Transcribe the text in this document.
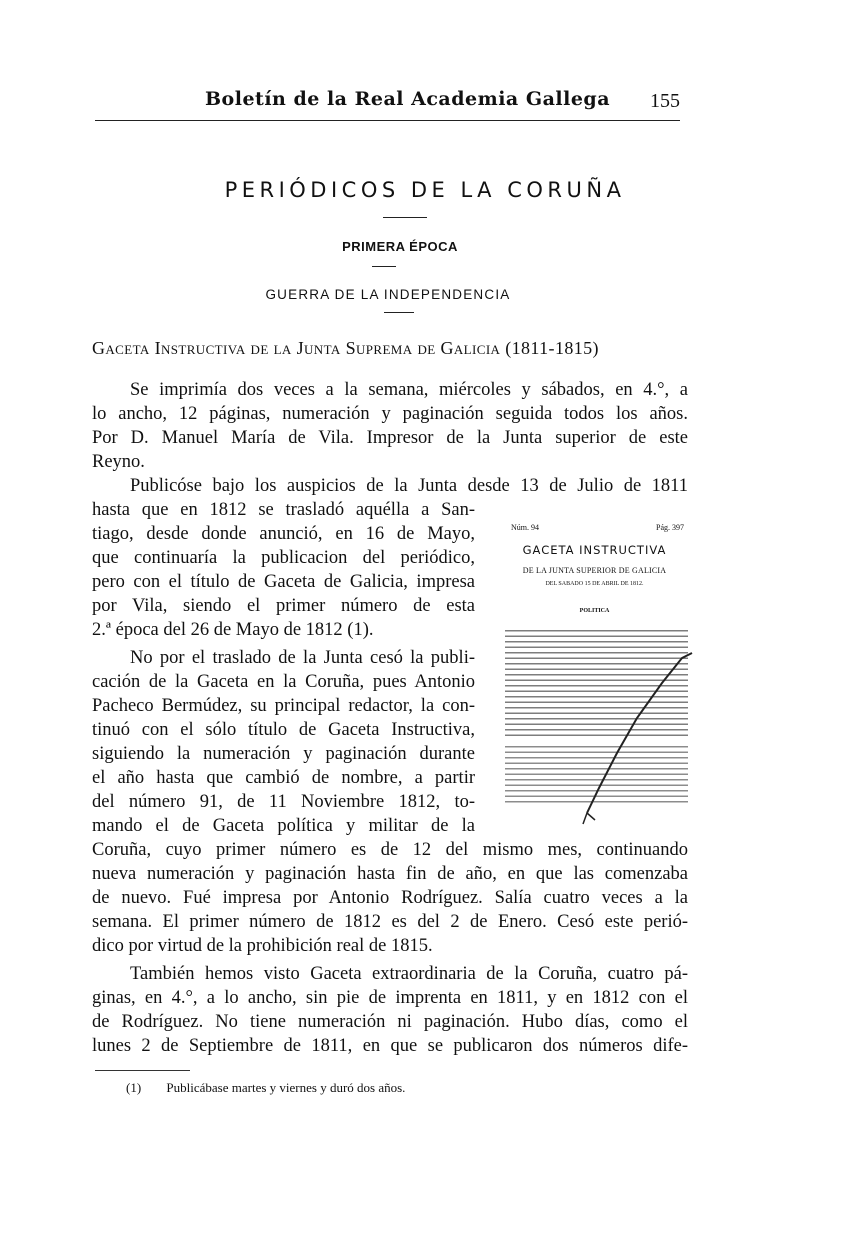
Boletín de la Real Academia Gallega 155
PERIÓDICOS DE LA CORUÑA
PRIMERA ÉPOCA
GUERRA DE LA INDEPENDENCIA
Gaceta Instructiva de la Junta Suprema de Galicia (1811-1815)
Se imprimía dos veces a la semana, miércoles y sábados, en 4.°, a
lo ancho, 12 páginas, numeración y paginación seguida todos los años.
Por D. Manuel María de Vila. Impresor de la Junta superior de este
Reyno.
Publicóse bajo los auspicios de la Junta desde 13 de Julio de 1811
hasta que en 1812 se trasladó aquélla a San-
tiago, desde donde anunció, en 16 de Mayo,
que continuaría la publicacion del periódico,
pero con el título de Gaceta de Galicia, impresa
por Vila, siendo el primer número de esta
2.ª época del 26 de Mayo de 1812 (1).
No por el traslado de la Junta cesó la publi-
cación de la Gaceta en la Coruña, pues Antonio
Pacheco Bermúdez, su principal redactor, la con-
tinuó con el sólo título de Gaceta Instructiva,
siguiendo la numeración y paginación durante
el año hasta que cambió de nombre, a partir
del número 91, de 11 Noviembre 1812, to-
mando el de Gaceta política y militar de la
Coruña, cuyo primer número es de 12 del mismo mes, continuando
nueva numeración y paginación hasta fin de año, en que las comenzaba
de nuevo. Fué impresa por Antonio Rodríguez. Salía cuatro veces a la
semana. El primer número de 1812 es del 2 de Enero. Cesó este perió-
dico por virtud de la prohibición real de 1815.
También hemos visto Gaceta extraordinaria de la Coruña, cuatro pá-
ginas, en 4.°, a lo ancho, sin pie de imprenta en 1811, y en 1812 con el
de Rodríguez. No tiene numeración ni paginación. Hubo días, como el
lunes 2 de Septiembre de 1811, en que se publicaron dos números dife-
Núm. 94	Pág. 397
GACETA INSTRUCTIVA
DE LA JUNTA SUPERIOR DE GALICIA
DEL SABADO 15 DE ABRIL DE 1812.
POLITICA
(1) Publicábase martes y viernes y duró dos años.
